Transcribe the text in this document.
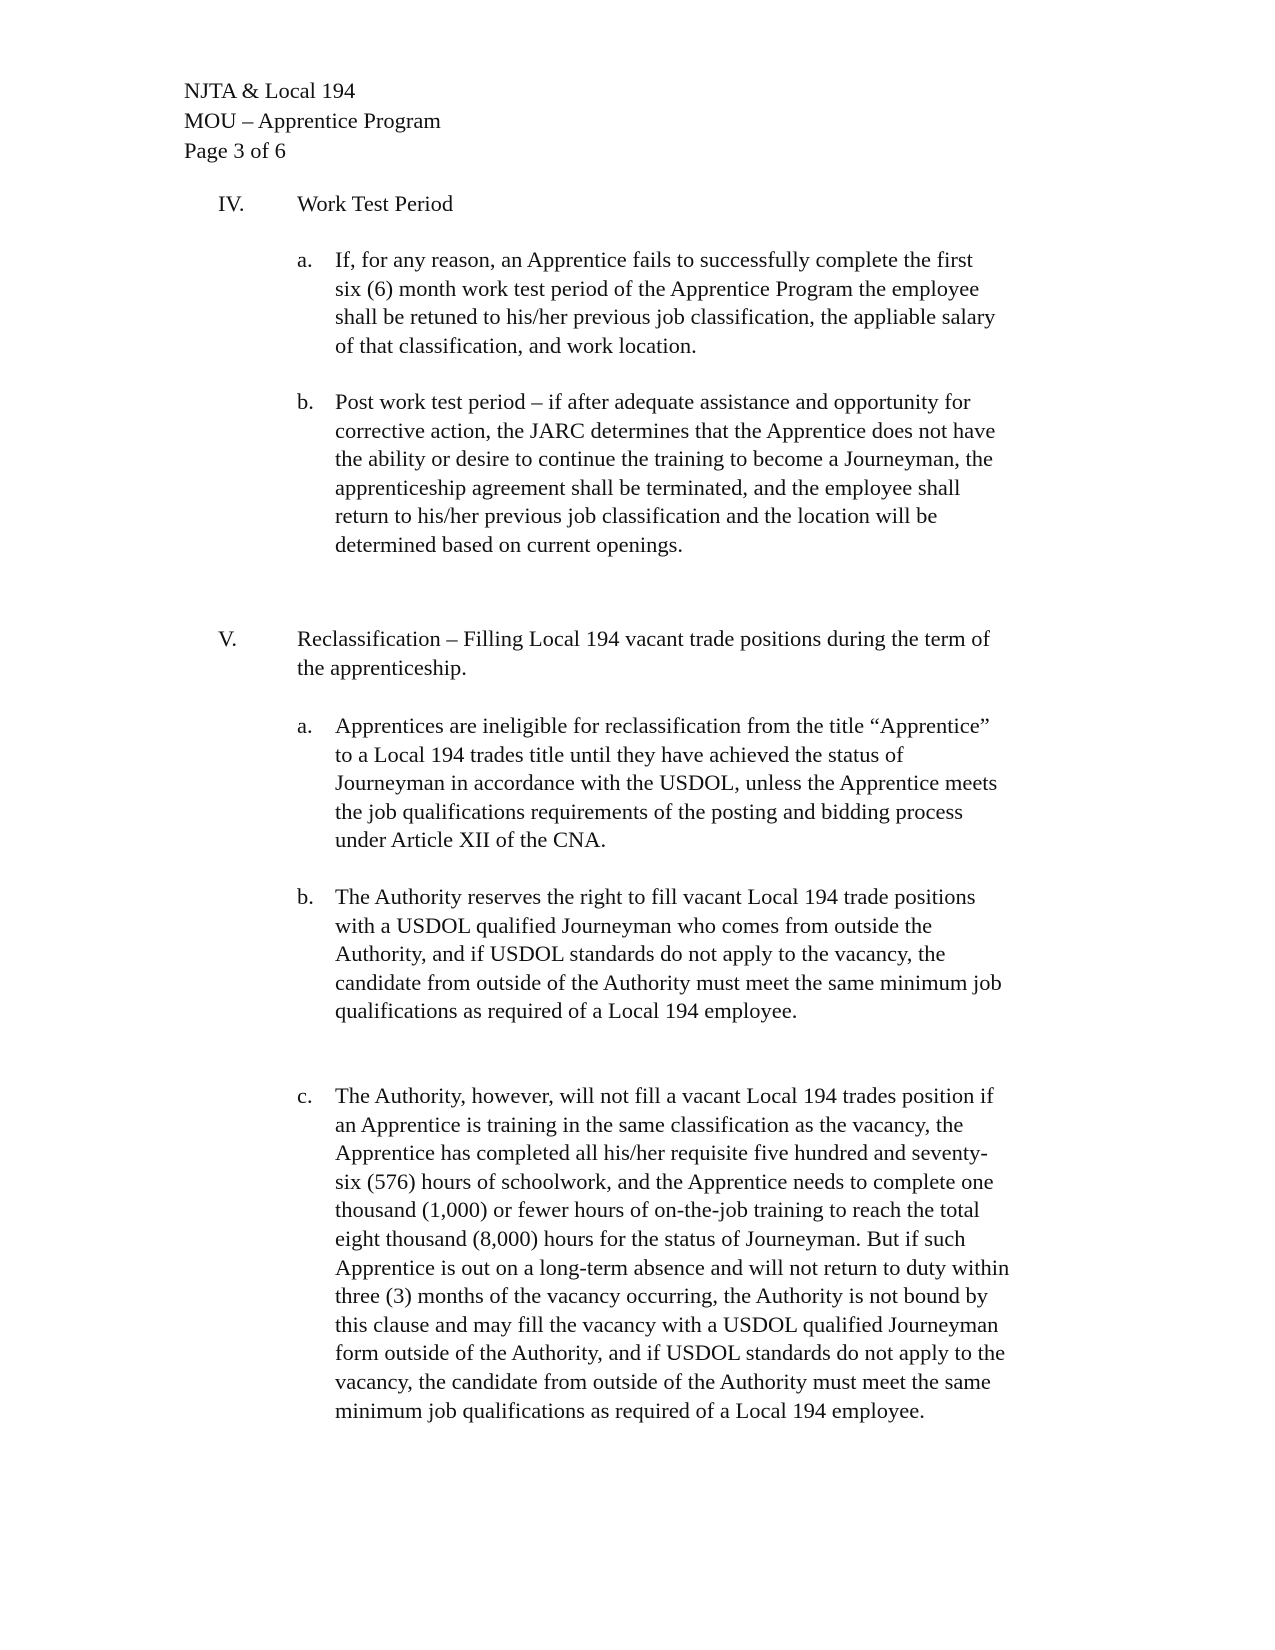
NJTA & Local 194
MOU – Apprentice Program
Page 3 of 6
IV. Work Test Period
a. If, for any reason, an Apprentice fails to successfully complete the first
six (6) month work test period of the Apprentice Program the employee
shall be retuned to his/her previous job classification, the appliable salary
of that classification, and work location.
b. Post work test period – if after adequate assistance and opportunity for
corrective action, the JARC determines that the Apprentice does not have
the ability or desire to continue the training to become a Journeyman, the
apprenticeship agreement shall be terminated, and the employee shall
return to his/her previous job classification and the location will be
determined based on current openings.
V.	Reclassification – Filling Local 194 vacant trade positions during the term of
the apprenticeship.
a. Apprentices are ineligible for reclassification from the title “Apprentice”
to a Local 194 trades title until they have achieved the status of
Journeyman in accordance with the USDOL, unless the Apprentice meets
the job qualifications requirements of the posting and bidding process
under Article XII of the CNA.
b. The Authority reserves the right to fill vacant Local 194 trade positions
with a USDOL qualified Journeyman who comes from outside the
Authority, and if USDOL standards do not apply to the vacancy, the
candidate from outside of the Authority must meet the same minimum job
qualifications as required of a Local 194 employee.
c. The Authority, however, will not fill a vacant Local 194 trades position if
an Apprentice is training in the same classification as the vacancy, the
Apprentice has completed all his/her requisite five hundred and seventy-
six (576) hours of schoolwork, and the Apprentice needs to complete one
thousand (1,000) or fewer hours of on-the-job training to reach the total
eight thousand (8,000) hours for the status of Journeyman. But if such
Apprentice is out on a long-term absence and will not return to duty within
three (3) months of the vacancy occurring, the Authority is not bound by
this clause and may fill the vacancy with a USDOL qualified Journeyman
form outside of the Authority, and if USDOL standards do not apply to the
vacancy, the candidate from outside of the Authority must meet the same
minimum job qualifications as required of a Local 194 employee.
